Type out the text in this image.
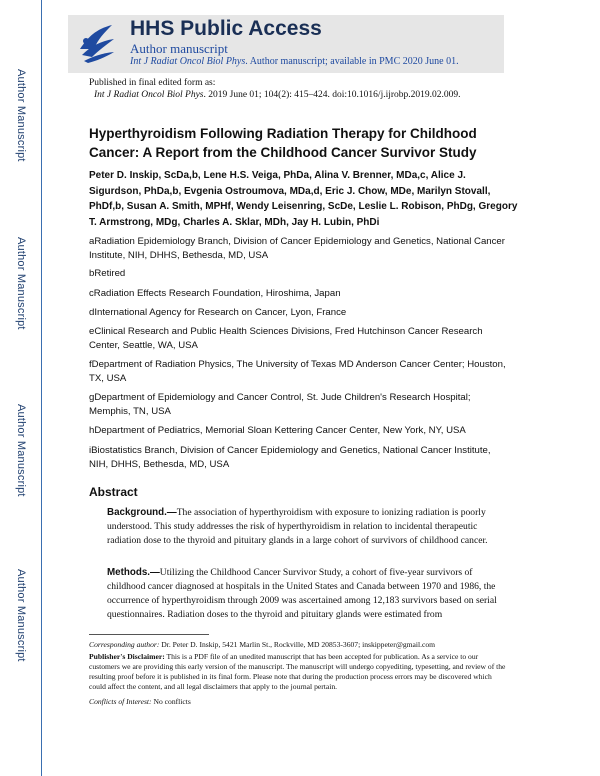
Author Manuscript
Author Manuscript
Author Manuscript
Author Manuscript
HHS Public Access
Author manuscript
Int J Radiat Oncol Biol Phys. Author manuscript; available in PMC 2020 June 01.
Published in final edited form as:
Int J Radiat Oncol Biol Phys. 2019 June 01; 104(2): 415–424. doi:10.1016/j.ijrobp.2019.02.009.
Hyperthyroidism Following Radiation Therapy for Childhood Cancer: A Report from the Childhood Cancer Survivor Study
Peter D. Inskip, ScDa,b, Lene H.S. Veiga, PhDa, Alina V. Brenner, MDa,c, Alice J. Sigurdson, PhDa,b, Evgenia Ostroumova, MDa,d, Eric J. Chow, MDe, Marilyn Stovall, PhDf,b, Susan A. Smith, MPHf, Wendy Leisenring, ScDe, Leslie L. Robison, PhDg, Gregory T. Armstrong, MDg, Charles A. Sklar, MDh, Jay H. Lubin, PhDi
aRadiation Epidemiology Branch, Division of Cancer Epidemiology and Genetics, National Cancer Institute, NIH, DHHS, Bethesda, MD, USA
bRetired
cRadiation Effects Research Foundation, Hiroshima, Japan
dInternational Agency for Research on Cancer, Lyon, France
eClinical Research and Public Health Sciences Divisions, Fred Hutchinson Cancer Research Center, Seattle, WA, USA
fDepartment of Radiation Physics, The University of Texas MD Anderson Cancer Center; Houston, TX, USA
gDepartment of Epidemiology and Cancer Control, St. Jude Children's Research Hospital; Memphis, TN, USA
hDepartment of Pediatrics, Memorial Sloan Kettering Cancer Center, New York, NY, USA
iBiostatistics Branch, Division of Cancer Epidemiology and Genetics, National Cancer Institute, NIH, DHHS, Bethesda, MD, USA
Abstract
Background.—The association of hyperthyroidism with exposure to ionizing radiation is poorly understood. This study addresses the risk of hyperthyroidism in relation to incidental therapeutic radiation dose to the thyroid and pituitary glands in a large cohort of survivors of childhood cancer.
Methods.—Utilizing the Childhood Cancer Survivor Study, a cohort of five-year survivors of childhood cancer diagnosed at hospitals in the United States and Canada between 1970 and 1986, the occurrence of hyperthyroidism through 2009 was ascertained among 12,183 survivors based on serial questionnaires. Radiation doses to the thyroid and pituitary glands were estimated from
Corresponding author: Dr. Peter D. Inskip, 5421 Marlin St., Rockville, MD 20853-3607; inskippeter@gmail.com
Publisher's Disclaimer: This is a PDF file of an unedited manuscript that has been accepted for publication. As a service to our customers we are providing this early version of the manuscript. The manuscript will undergo copyediting, typesetting, and review of the resulting proof before it is published in its final form. Please note that during the production process errors may be discovered which could affect the content, and all legal disclaimers that apply to the journal pertain.
Conflicts of Interest: No conflicts
